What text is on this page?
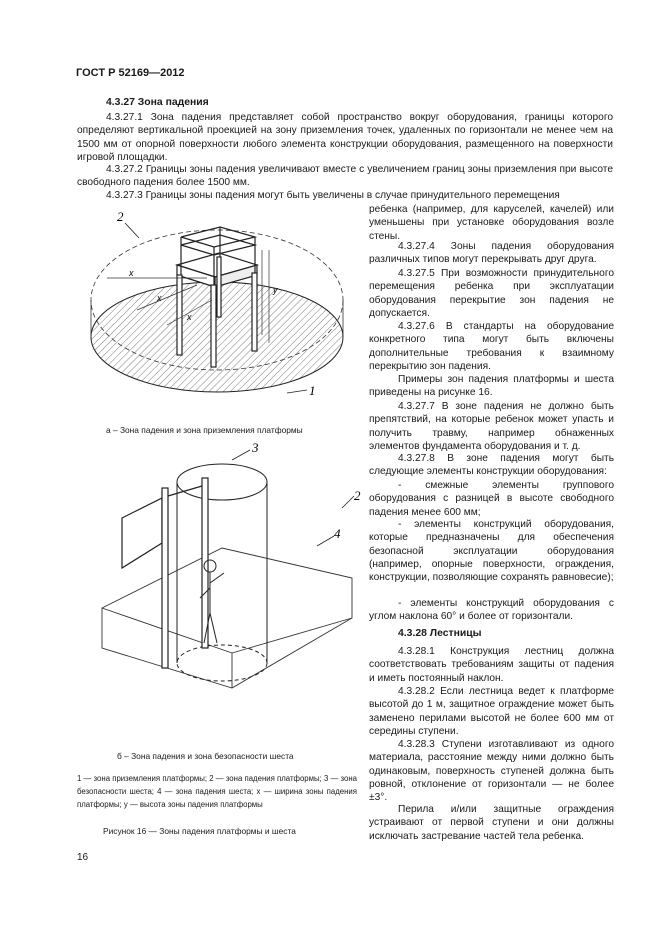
ГОСТ Р 52169—2012

4.3.27 Зона падения

4.3.27.1 Зона падения представляет собой пространство вокруг оборудования, границы которого определяют вертикальной проекцией на зону приземления точек, удаленных по горизонтали не менее чем на 1500 мм от опорной поверхности любого элемента конструкции оборудования, размещенного на поверхности игровой площадки.

4.3.27.2 Границы зоны падения увеличивают вместе с увеличением границ зоны приземления при высоте свободного падения более 1500 мм.

4.3.27.3 Границы зоны падения могут быть увеличены в случае принудительного перемещения

ребенка (например, для каруселей, качелей) или уменьшены при установке оборудования возле стены.

4.3.27.4 Зоны падения оборудования различных типов могут перекрывать друг друга.

4.3.27.5 При возможности принудительного перемещения ребенка при эксплуатации оборудования перекрытие зон падения не допускается.

4.3.27.6 В стандарты на оборудование конкретного типа могут быть включены дополнительные требования к взаимному перекрытию зон падения.

Примеры зон падения платформы и шеста приведены на рисунке 16.

4.3.27.7 В зоне падения не должно быть препятствий, на которые ребенок может упасть и получить травму, например обнаженных элементов фундамента оборудования и т. д.

4.3.27.8 В зоне падения могут быть следующие элементы конструкции оборудования:

- смежные элементы группового оборудования с разницей в высоте свободного падения менее 600 мм;

- элементы конструкций оборудования, которые предназначены для обеспечения безопасной эксплуатации оборудования (например, опорные поверхности, ограждения, конструкции, позволяющие сохранять равновесие);

- элементы конструкций оборудования с углом наклона 60° и более от горизонтали.

4.3.28 Лестницы

4.3.28.1 Конструкция лестниц должна соответствовать требованиям защиты от падения и иметь постоянный наклон.

4.3.28.2 Если лестница ведет к платформе высотой до 1 м, защитное ограждение может быть заменено перилами высотой не более 600 мм от середины ступени.

4.3.28.3 Ступени изготавливают из одного материала, расстояние между ними должно быть одинаковым, поверхность ступеней должна быть ровной, отклонение от горизонтали — не более ±3°.

Перила и/или защитные ограждения устраивают от первой ступени и они должны исключать застревание частей тела ребенка.

2
1
x
x
x
y
а – Зона падения и зона приземления платформы
3
4
2
б – Зона падения и зона безопасности шеста
1 — зона приземления платформы; 2 — зона падения платформы; 3 — зона безопасности шеста; 4 — зона падения шеста; x — ширина зоны падения платформы; y — высота зоны падения платформы
Рисунок 16 — Зоны падения платформы и шеста
16
